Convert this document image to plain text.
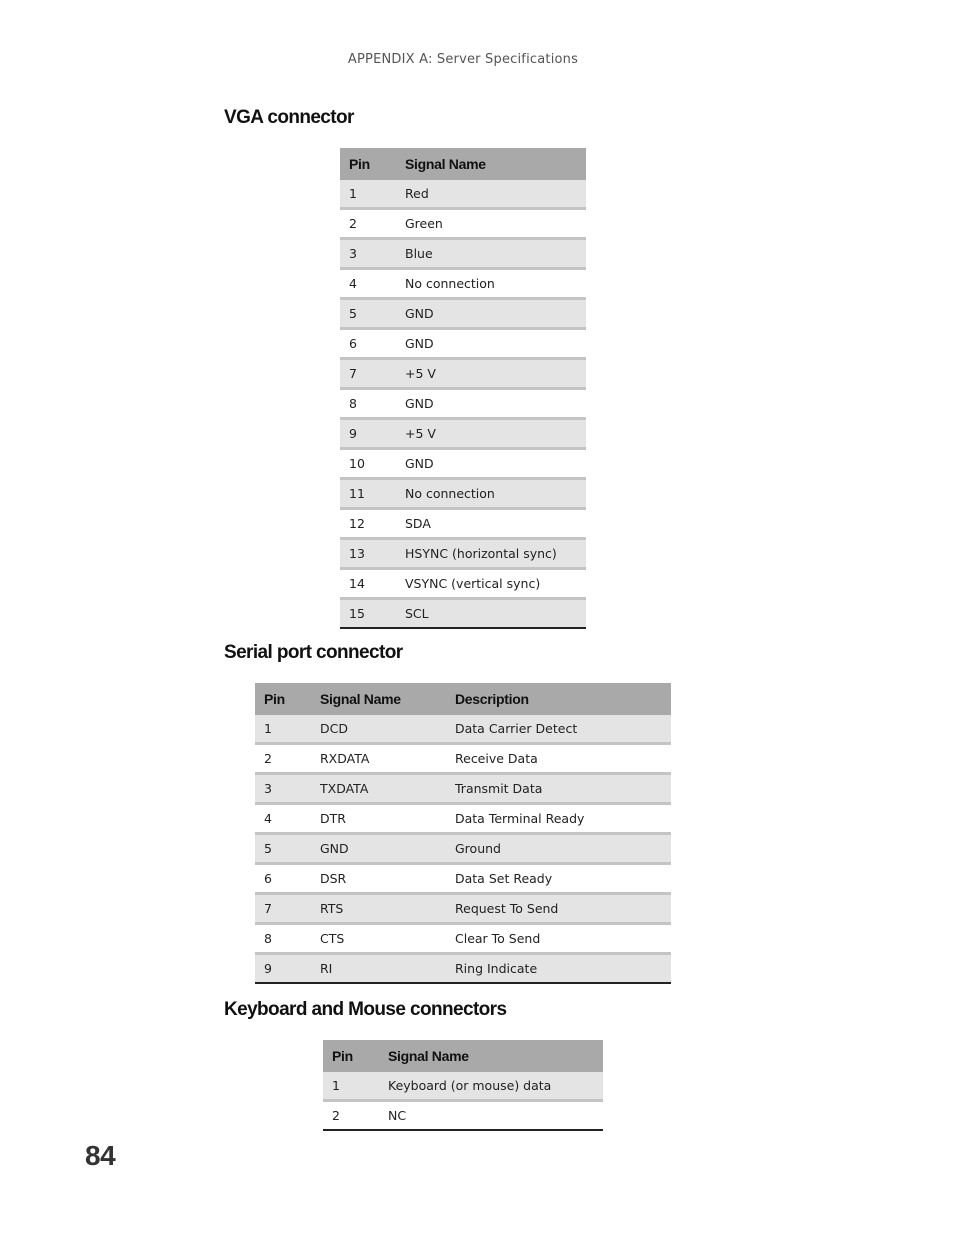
APPENDIX A: Server Specifications
VGA connector
Pin	Signal Name
1	Red
2	Green
3	Blue
4	No connection
5	GND
6	GND
7	+5 V
8	GND
9	+5 V
10	GND
11	No connection
12	SDA
13	HSYNC (horizontal sync)
14	VSYNC (vertical sync)
15	SCL
Serial port connector
Pin	Signal Name	Description
1	DCD	Data Carrier Detect
2	RXDATA	Receive Data
3	TXDATA	Transmit Data
4	DTR	Data Terminal Ready
5	GND	Ground
6	DSR	Data Set Ready
7	RTS	Request To Send
8	CTS	Clear To Send
9	RI	Ring Indicate
Keyboard and Mouse connectors
Pin	Signal Name
1	Keyboard (or mouse) data
2	NC
84
